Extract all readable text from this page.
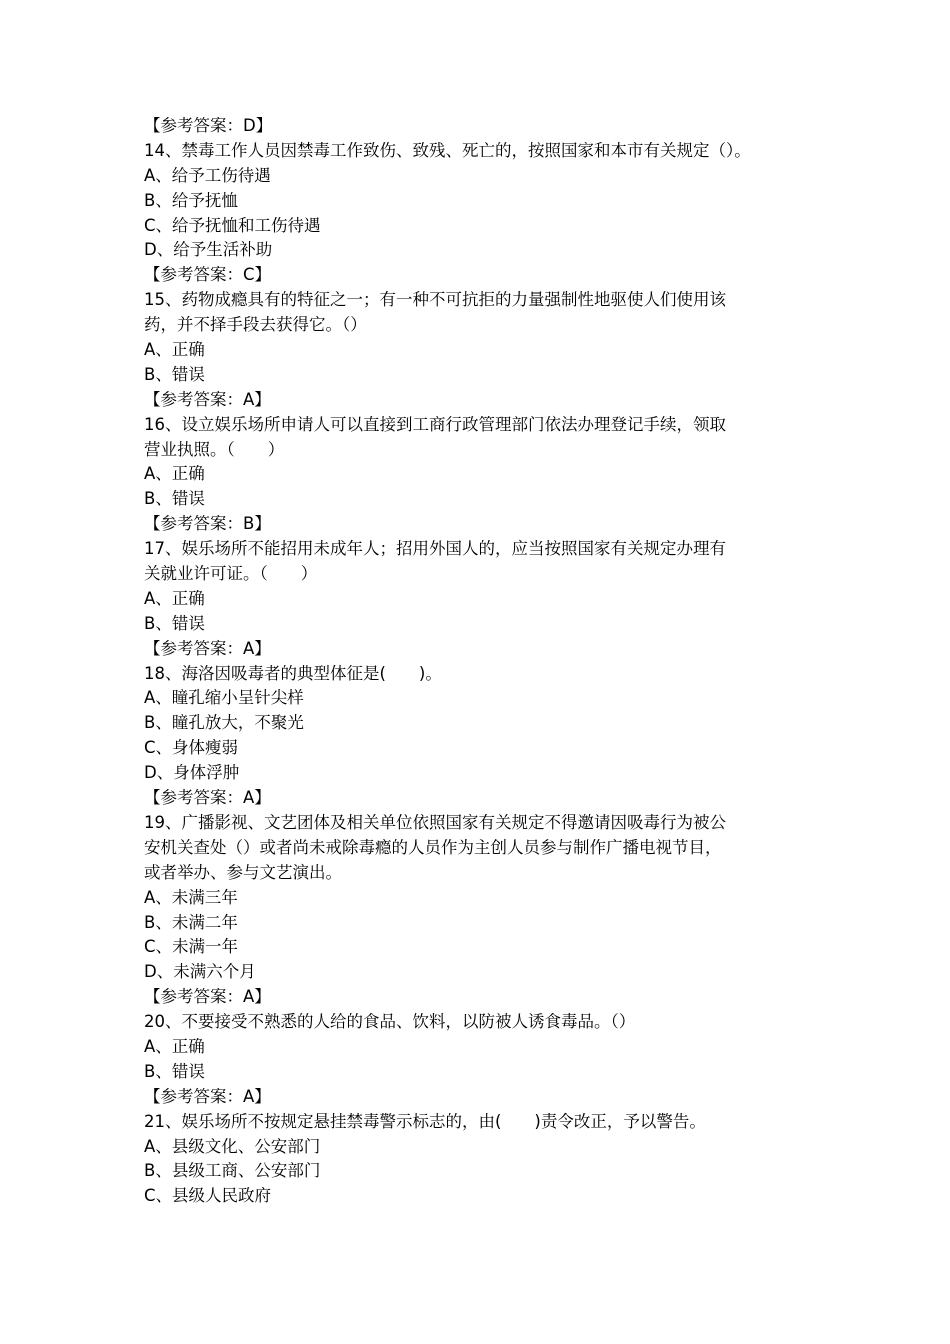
【参考答案：D】
14、禁毒工作人员因禁毒工作致伤、致残、死亡的，按照国家和本市有关规定（）。
A、给予工伤待遇
B、给予抚恤
C、给予抚恤和工伤待遇
D、给予生活补助
【参考答案：C】
15、药物成瘾具有的特征之一；有一种不可抗拒的力量强制性地驱使人们使用该
药，并不择手段去获得它。（）
A、正确
B、错误
【参考答案：A】
16、设立娱乐场所申请人可以直接到工商行政管理部门依法办理登记手续，领取
营业执照。（　　）
A、正确
B、错误
【参考答案：B】
17、娱乐场所不能招用未成年人；招用外国人的，应当按照国家有关规定办理有
关就业许可证。（　　）
A、正确
B、错误
【参考答案：A】
18、海洛因吸毒者的典型体征是(　　)。
A、瞳孔缩小呈针尖样
B、瞳孔放大，不聚光
C、身体瘦弱
D、身体浮肿
【参考答案：A】
19、广播影视、文艺团体及相关单位依照国家有关规定不得邀请因吸毒行为被公
安机关查处（）或者尚未戒除毒瘾的人员作为主创人员参与制作广播电视节目，
或者举办、参与文艺演出。
A、未满三年
B、未满二年
C、未满一年
D、未满六个月
【参考答案：A】
20、不要接受不熟悉的人给的食品、饮料，以防被人诱食毒品。（）
A、正确
B、错误
【参考答案：A】
21、娱乐场所不按规定悬挂禁毒警示标志的，由(　　)责令改正，予以警告。
A、县级文化、公安部门
B、县级工商、公安部门
C、县级人民政府
